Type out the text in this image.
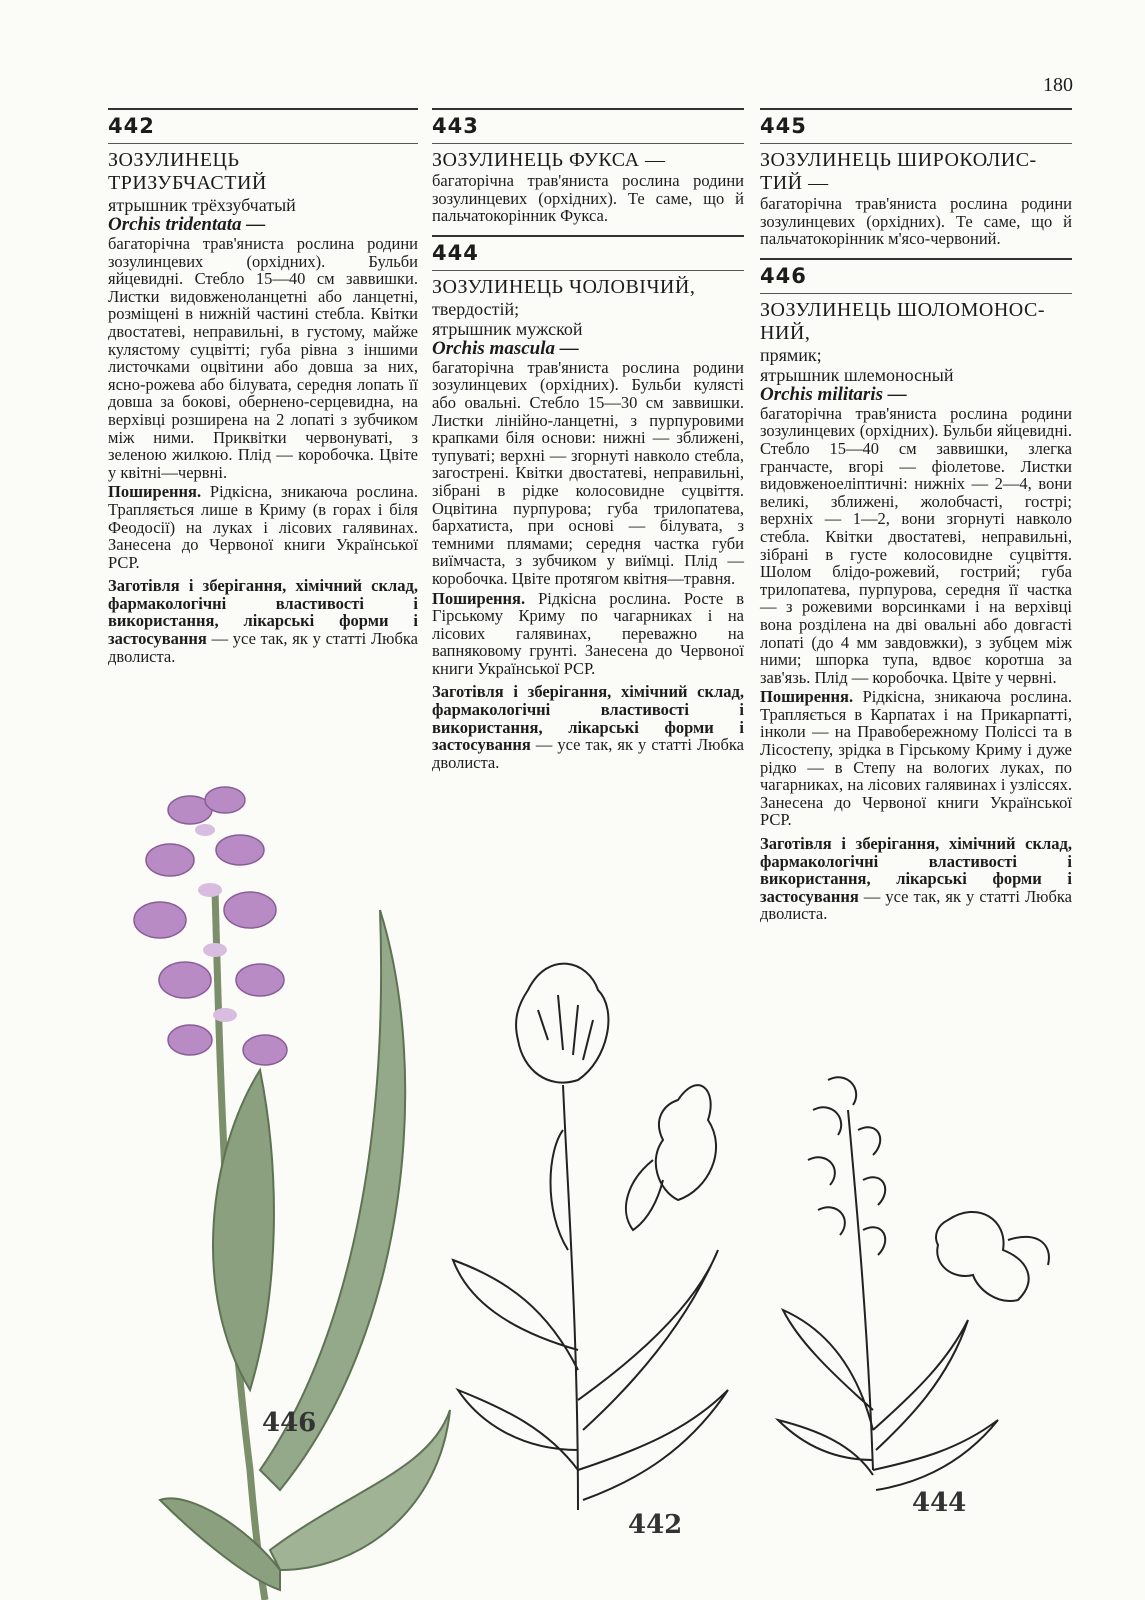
180
442
ЗОЗУЛИНЕЦЬ
ТРИЗУБЧАСТИЙ
ятрышник трёхзубчатый
Orchis tridentata —

багаторічна трав'яниста рослина родини зозулинцевих (орхідних). Бульби яйцевидні. Стебло 15—40 см заввишки. Листки видовженоланцетні або ланцетні, розміщені в нижній частині стебла. Квітки двостатеві, неправильні, в густому, майже кулястому суцвітті; губа рівна з іншими листочками оцвітини або довша за них, ясно-рожева або білувата, середня лопать її довша за бокові, обернено-серцевидна, на верхівці розширена на 2 лопаті з зубчиком між ними. Приквітки червонуваті, з зеленою жилкою. Плід — коробочка. Цвіте у квітні—червні.

Поширення. Рідкісна, зникаюча рослина. Трапляється лише в Криму (в горах і біля Феодосії) на луках і лісових галявинах. Занесена до Червоної книги Української РСР.

Заготівля і зберігання, хімічний склад, фармакологічні властивості і використання, лікарські форми і застосування — усе так, як у статті Любка дволиста.

443
ЗОЗУЛИНЕЦЬ ФУКСА —

багаторічна трав'яниста рослина родини зозулинцевих (орхідних). Те саме, що й пальчатокорінник Фукса.

444
ЗОЗУЛИНЕЦЬ ЧОЛОВІЧИЙ,
твердостій;
ятрышник мужской
Orchis mascula —

багаторічна трав'яниста рослина родини зозулинцевих (орхідних). Бульби кулясті або овальні. Стебло 15—30 см заввишки. Листки лінійно-ланцетні, з пурпуровими крапками біля основи: нижні — зближені, тупуваті; верхні — згорнуті навколо стебла, загострені. Квітки двостатеві, неправильні, зібрані в рідке колосовидне суцвіття. Оцвітина пурпурова; губа трилопатева, бархатиста, при основі — білувата, з темними плямами; середня частка губи виїмчаста, з зубчиком у виїмці. Плід — коробочка. Цвіте протягом квітня—травня.

Поширення. Рідкісна рослина. Росте в Гірському Криму по чагарниках і на лісових галявинах, переважно на вапняковому грунті. Занесена до Червоної книги Української РСР.

Заготівля і зберігання, хімічний склад, фармакологічні властивості і використання, лікарські форми і застосування — усе так, як у статті Любка дволиста.

445
ЗОЗУЛИНЕЦЬ ШИРОКОЛИС-
ТИЙ —

багаторічна трав'яниста рослина родини зозулинцевих (орхідних). Те саме, що й пальчатокорінник м'ясо-червоний.

446
ЗОЗУЛИНЕЦЬ ШОЛОМОНОС-
НИЙ,
прямик;
ятрышник шлемоносный
Orchis militaris —

багаторічна трав'яниста рослина родини зозулинцевих (орхідних). Бульби яйцевидні. Стебло 15—40 см заввишки, злегка гранчасте, вгорі — фіолетове. Листки видовженоеліптичні: нижніх — 2—4, вони великі, зближені, жолобчасті, гострі; верхніх — 1—2, вони згорнуті навколо стебла. Квітки двостатеві, неправильні, зібрані в густе колосовидне суцвіття. Шолом блідо-рожевий, гострий; губа трилопатева, пурпурова, середня її частка — з рожевими ворсинками і на верхівці вона розділена на дві овальні або довгасті лопаті (до 4 мм завдовжки), з зубцем між ними; шпорка тупа, вдвоє коротша за зав'язь. Плід — коробочка. Цвіте у червні.

Поширення. Рідкісна, зникаюча рослина. Трапляється в Карпатах і на Прикарпатті, інколи — на Правобережному Поліссі та в Лісостепу, зрідка в Гірському Криму і дуже рідко — в Степу на вологих луках, по чагарниках, на лісових галявинах і узліссях. Занесена до Червоної книги Української РСР.

Заготівля і зберігання, хімічний склад, фармакологічні властивості і використання, лікарські форми і застосування — усе так, як у статті Любка дволиста.

446
442
444
